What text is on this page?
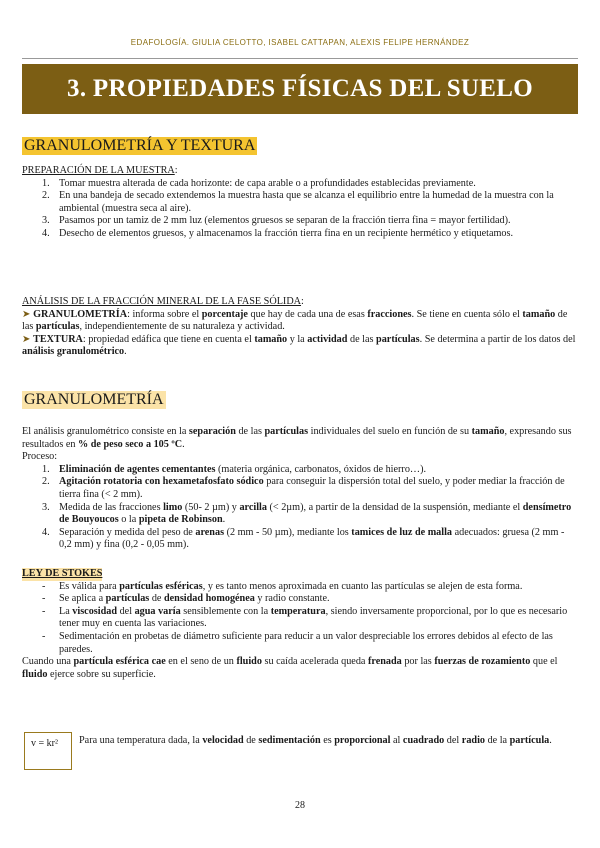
EDAFOLOGÍA. GIULIA CELOTTO, ISABEL CATTAPAN, ALEXIS FELIPE HERNÁNDEZ
3. PROPIEDADES FÍSICAS DEL SUELO
GRANULOMETRÍA Y TEXTURA
PREPARACIÓN DE LA MUESTRA:
1. Tomar muestra alterada de cada horizonte: de capa arable o a profundidades establecidas previamente.
2. En una bandeja de secado extendemos la muestra hasta que se alcanza el equilibrio entre la humedad de la muestra con la ambiental (muestra seca al aire).
3. Pasamos por un tamiz de 2 mm luz (elementos gruesos se separan de la fracción tierra fina = mayor fertilidad).
4. Desecho de elementos gruesos, y almacenamos la fracción tierra fina en un recipiente hermético y etiquetamos.
ANÁLISIS DE LA FRACCIÓN MINERAL DE LA FASE SÓLIDA:
➤ GRANULOMETRÍA: informa sobre el porcentaje que hay de cada una de esas fracciones. Se tiene en cuenta sólo el tamaño de las partículas, independientemente de su naturaleza y actividad.
➤ TEXTURA: propiedad edáfica que tiene en cuenta el tamaño y la actividad de las partículas. Se determina a partir de los datos del análisis granulométrico.
GRANULOMETRÍA
El análisis granulométrico consiste en la separación de las partículas individuales del suelo en función de su tamaño, expresando sus resultados en % de peso seco a 105 ºC.
Proceso:
1. Eliminación de agentes cementantes (materia orgánica, carbonatos, óxidos de hierro…).
2. Agitación rotatoria con hexametafosfato sódico para conseguir la dispersión total del suelo, y poder mediar la fracción de tierra fina (< 2 mm).
3. Medida de las fracciones limo (50- 2 µm) y arcilla (< 2µm), a partir de la densidad de la suspensión, mediante el densímetro de Bouyoucos o la pipeta de Robinson.
4. Separación y medida del peso de arenas (2 mm - 50 µm), mediante los tamices de luz de malla adecuados: gruesa (2 mm - 0,2 mm) y fina (0,2 - 0,05 mm).
LEY DE STOKES
- Es válida para partículas esféricas, y es tanto menos aproximada en cuanto las partículas se alejen de esta forma.
- Se aplica a partículas de densidad homogénea y radio constante.
- La viscosidad del agua varía sensiblemente con la temperatura, siendo inversamente proporcional, por lo que es necesario tener muy en cuenta las variaciones.
- Sedimentación en probetas de diámetro suficiente para reducir a un valor despreciable los errores debidos al efecto de las paredes.
Cuando una partícula esférica cae en el seno de un fluido su caída acelerada queda frenada por las fuerzas de rozamiento que el fluido ejerce sobre su superficie.
v = kr²	Para una temperatura dada, la velocidad de sedimentación es proporcional al cuadrado del radio de la partícula.
28
